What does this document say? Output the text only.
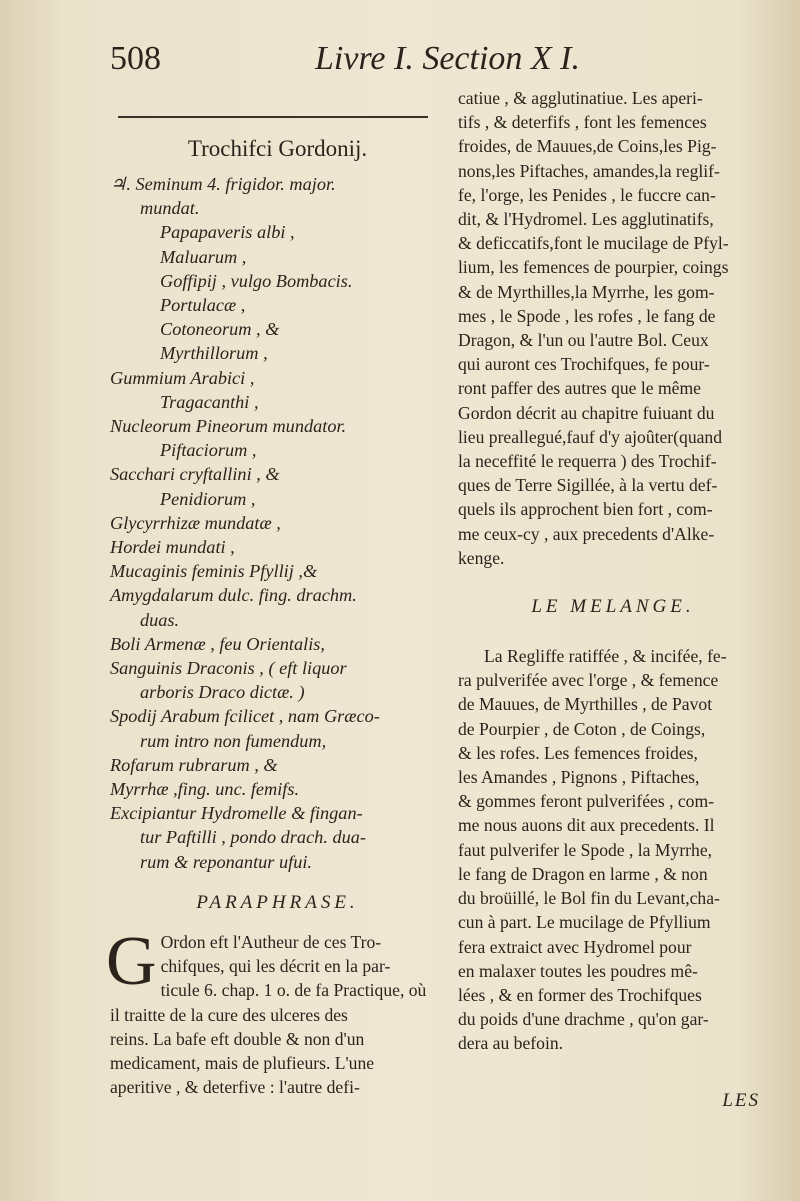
508	Livre I. Section X I.
Trochifci Gordonij.
♃. Seminum 4. frigidor. major.
mundat.
Papapaveris albi ,
Maluarum ,
Goffipij , vulgo Bombacis.
Portulacæ ,
Cotoneorum , &
Myrthillorum ,
Gummium Arabici ,
Tragacanthi ,
Nucleorum Pineorum mundator.
Piftaciorum ,
Sacchari cryftallini , &
Penidiorum ,
Glycyrrhizæ mundatæ ,
Hordei mundati ,
Mucaginis feminis Pfyllij ,&
Amygdalarum dulc. fing. drachm.
duas.
Boli Armenæ , feu Orientalis,
Sanguinis Draconis , ( eft liquor
arboris Draco dictæ. )
Spodij Arabum fcilicet , nam Græco-
rum intro non fumendum,
Rofarum rubrarum , &
Myrrhæ ,fing. unc. femifs.
Excipiantur Hydromelle & fingan-
tur Paftilli , pondo drach. dua-
rum & reponantur ufui.
PARAPHRASE.
G Ordon eft l'Autheur de ces Tro-
chifques, qui les décrit en la par-
ticule 6. chap. 1 o. de fa Practique, où
il traitte de la cure des ulceres des
reins. La bafe eft double & non d'un
medicament, mais de plufieurs. L'une
aperitive , & deterfive : l'autre defi-
catiue , & agglutinatiue. Les aperi-
tifs , & deterfifs , font les femences
froides, de Mauues,de Coins,les Pig-
nons,les Piftaches, amandes,la reglif-
fe, l'orge, les Penides , le fuccre can-
dit, & l'Hydromel. Les agglutinatifs,
& deficcatifs,font le mucilage de Pfyl-
lium, les femences de pourpier, coings
& de Myrthilles,la Myrrhe, les gom-
mes , le Spode , les rofes , le fang de
Dragon, & l'un ou l'autre Bol. Ceux
qui auront ces Trochifques, fe pour-
ront paffer des autres que le même
Gordon décrit au chapitre fuiuant du
lieu preallegué,fauf d'y ajoûter(quand
la neceffité le requerra ) des Trochif-
ques de Terre Sigillée, à la vertu def-
quels ils approchent bien fort , com-
me ceux-cy , aux precedents d'Alke-
kenge.
LE MELANGE.
La Regliffe ratiffée , & incifée, fe-
ra pulverifée avec l'orge , & femence
de Mauues, de Myrthilles , de Pavot
de Pourpier , de Coton , de Coings,
& les rofes. Les femences froides,
les Amandes , Pignons , Piftaches,
& gommes feront pulverifées , com-
me nous auons dit aux precedents. Il
faut pulverifer le Spode , la Myrrhe,
le fang de Dragon en larme , & non
du broüillé, le Bol fin du Levant,cha-
cun à part. Le mucilage de Pfyllium
fera extraict avec Hydromel pour
en malaxer toutes les poudres mê-
lées , & en former des Trochifques
du poids d'une drachme , qu'on gar-
dera au befoin.
LES
